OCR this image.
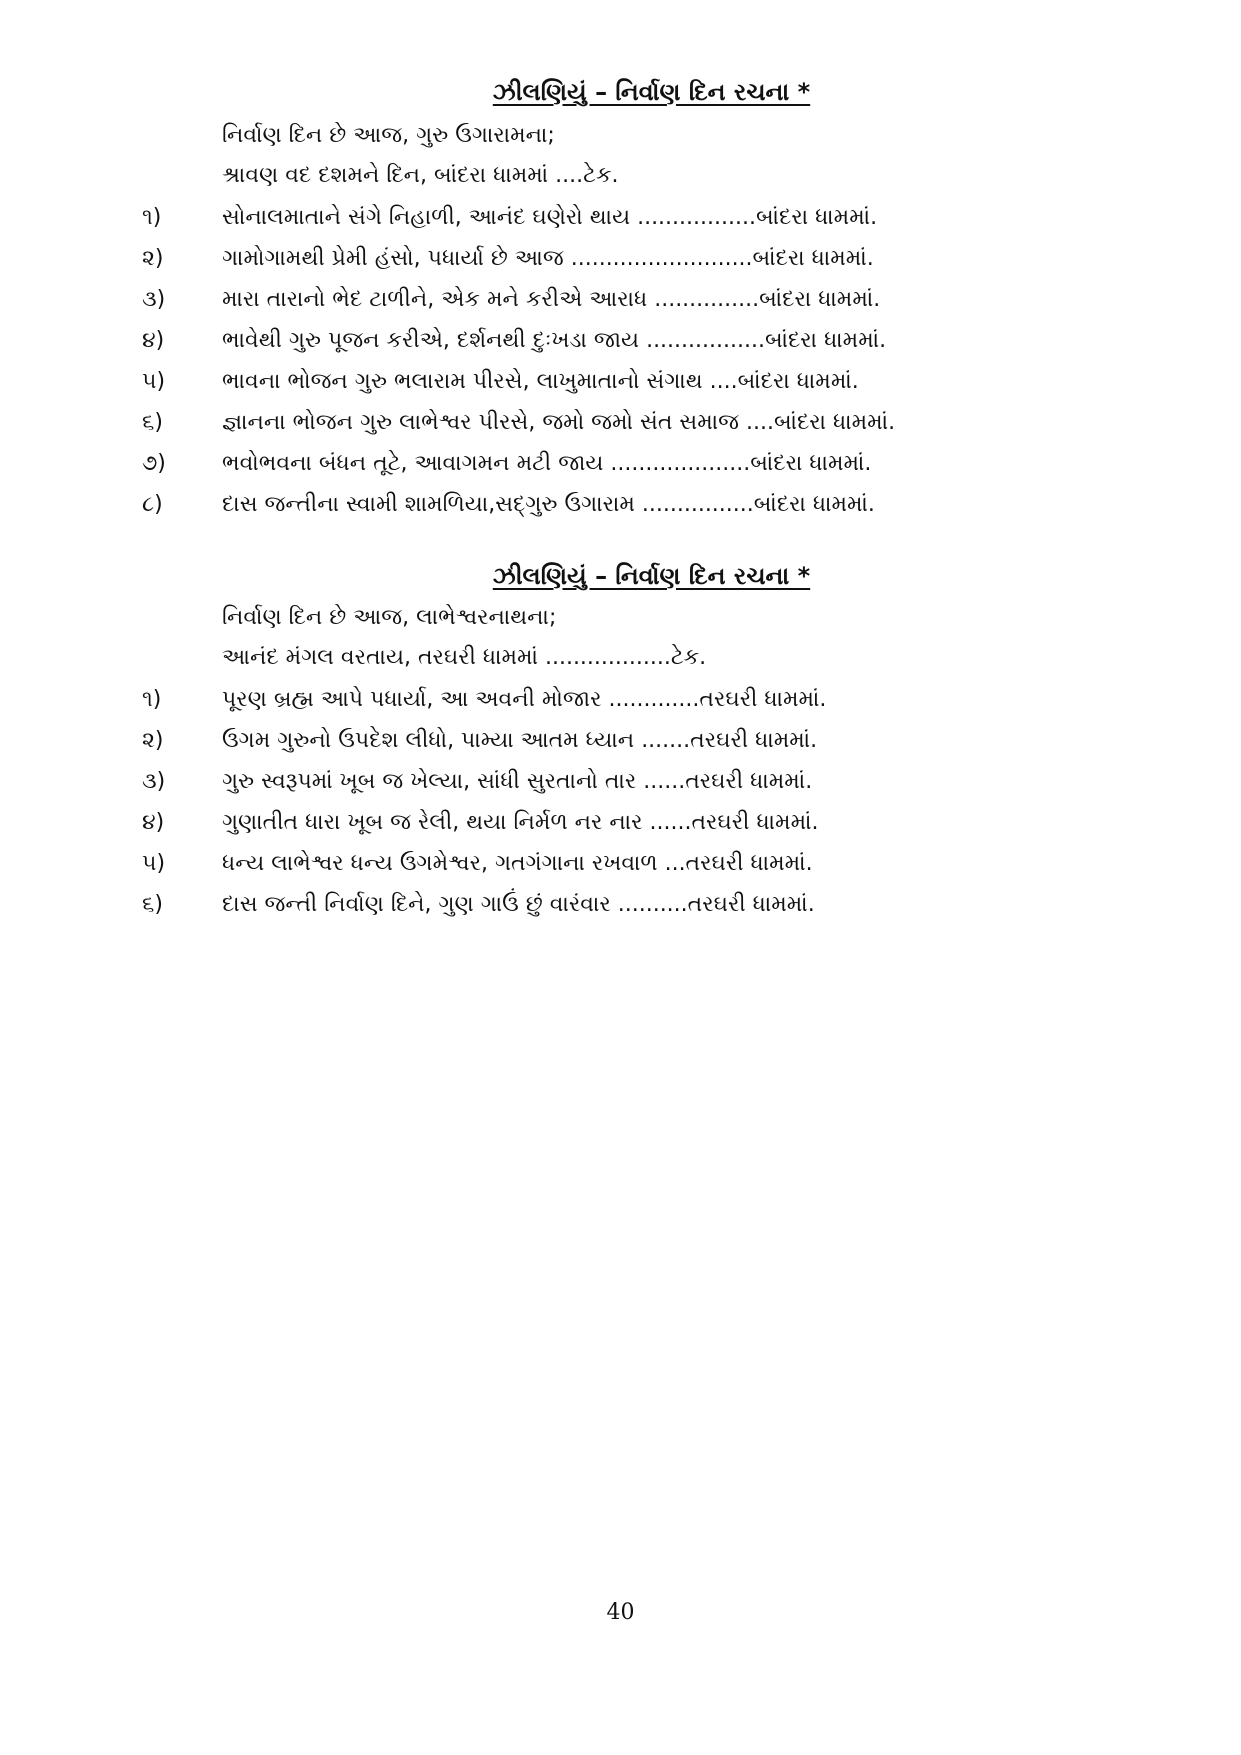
ઝીલણિયું – નિર્વાણ દિન રચના *
નિર્વાણ દિન છે આજ, ગુરુ ઉગારામના;
શ્રાવણ વદ દશમને દિન, બાંદરા ધામમાં ....ટેક.
૧)	સોનાલમાતાને સંગે નિહાળી, આનંદ ઘણેરો થાય .................બાંદરા ધામમાં.
૨)	ગામોગામથી પ્રેમી હંસો, પધાર્યા છે આજ ..........................બાંદરા ધામમાં.
૩)	મારા તારાનો ભેદ ટાળીને, એક મને કરીએ આરાધ ...............બાંદરા ધામમાં.
૪)	ભાવેથી ગુરુ પૂજન કરીએ, દર્શનથી દુઃખડા જાય .................બાંદરા ધામમાં.
૫)	ભાવના ભોજન ગુરુ ભલારામ પીરસે, લાખુમાતાનો સંગાથ ....બાંદરા ધામમાં.
૬)	જ્ઞાનના ભોજન ગુરુ લાભેશ્વર પીરસે, જમો જમો સંત સમાજ ....બાંદરા ધામમાં.
૭)	ભવોભવના બંધન તૂટે, આવાગમન મટી જાય ....................બાંદરા ધામમાં.
૮)	દાસ જન્તીના સ્વામી શામળિયા,સદ્‌ગુરુ ઉગારામ ................બાંદરા ધામમાં.
ઝીલણિયું – નિર્વાણ દિન રચના *
નિર્વાણ દિન છે આજ, લાભેશ્વરનાથના;
આનંદ મંગલ વરતાય, તરઘરી ધામમાં ..................ટેક.
૧)	પૂરણ બ્રહ્મ આપે પધાર્યા, આ અવની મોજાર .............તરઘરી ધામમાં.
૨)	ઉગમ ગુરુનો ઉપદેશ લીધો, પામ્યા આતમ ધ્યાન .......તરઘરી ધામમાં.
૩)	ગુરુ સ્વરૂપમાં ખૂબ જ ખેલ્યા, સાંધી સુરતાનો તાર ......તરઘરી ધામમાં.
૪)	ગુણાતીત ધારા ખૂબ જ રેલી, થયા નિર્મળ નર નાર ......તરઘરી ધામમાં.
૫)	ધન્ય લાભેશ્વર ધન્ય ઉગમેશ્વર, ગતગંગાના રખવાળ ...તરઘરી ધામમાં.
૬)	દાસ જન્તી નિર્વાણ દિને, ગુણ ગાઉં છું વારંવાર ..........તરઘરી ધામમાં.
40
